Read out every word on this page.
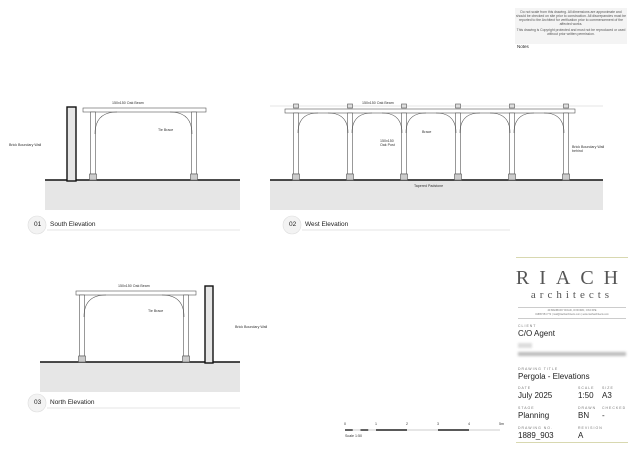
Do not scale from this drawing. All dimensions are approximate and should be checked on site prior to construction. All discrepancies must be reported to the Architect for verification prior to commencement of the affected works.

This drawing is Copyright protected and must not be reproduced or used without prior written permission.

Notes
150x150 Oak Beam
Tie Brace
Brick Boundary Wall
01 South Elevation
150x150 Oak Beam
Brace
150x150 Oak Post	Brick Boundary Wall behind
Tapered Padstone
02 West Elevation
150x150 Oak Beam
Tie Brace
Brick Boundary Wall
03 North Elevation
0	1	2	3	4	5m
Scale 1:50
RIACH
architects
40 BANBURY ROAD, OXFORD, OX2 6PE
01865 554 772 | mail@riacharchitects.com | www.riacharchitects.com
CLIENT
C/O Agent
DRAWING TITLE
Pergola - Elevations
DATE
July 2025
SCALE
1:50
SIZE
A3
STAGE
Planning
DRAWN
BN
CHECKED
-
DRAWING NO.
1889_903
REVISION
A
